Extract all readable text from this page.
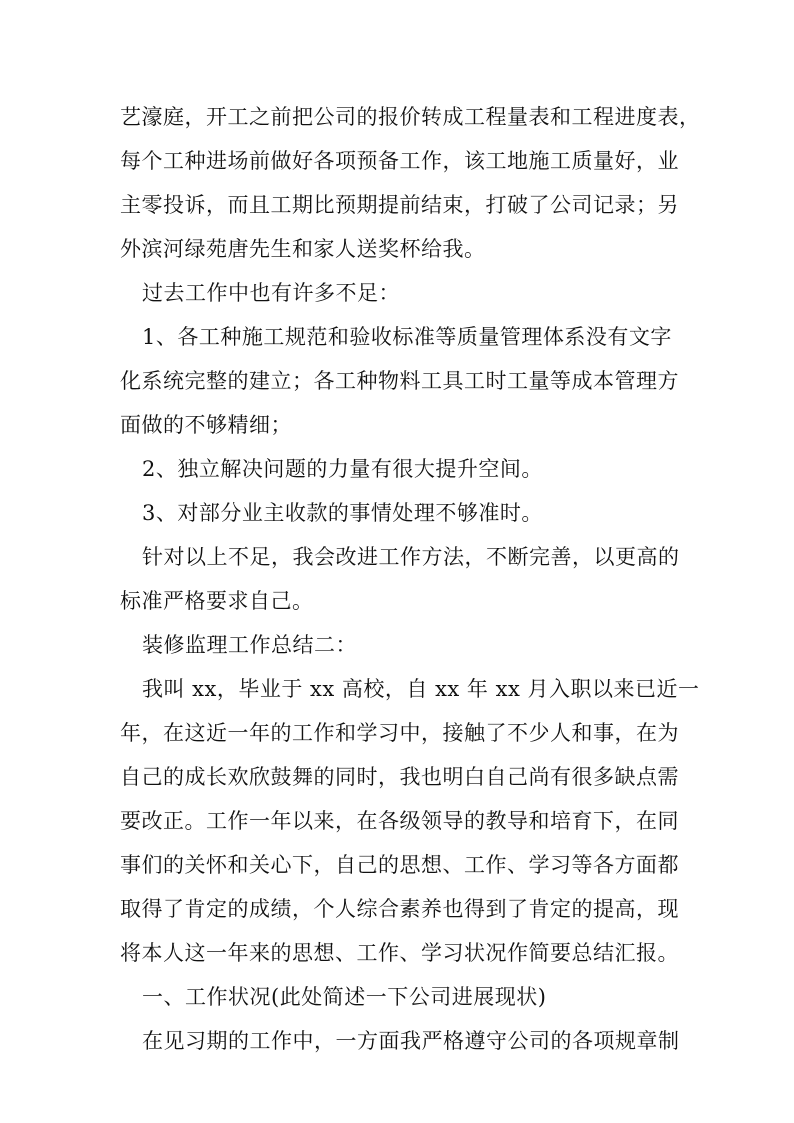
艺濠庭，开工之前把公司的报价转成工程量表和工程进度表，
每个工种进场前做好各项预备工作，该工地施工质量好，业
主零投诉，而且工期比预期提前结束，打破了公司记录；另
外滨河绿苑唐先生和家人送奖杯给我。
过去工作中也有许多不足：
1、各工种施工规范和验收标准等质量管理体系没有文字
化系统完整的建立；各工种物料工具工时工量等成本管理方
面做的不够精细；
2、独立解决问题的力量有很大提升空间。
3、对部分业主收款的事情处理不够准时。
针对以上不足，我会改进工作方法，不断完善，以更高的
标准严格要求自己。
装修监理工作总结二：
我叫 xx，毕业于 xx 高校，自 xx 年 xx 月入职以来已近一
年，在这近一年的工作和学习中，接触了不少人和事，在为
自己的成长欢欣鼓舞的同时，我也明白自己尚有很多缺点需
要改正。工作一年以来，在各级领导的教导和培育下，在同
事们的关怀和关心下，自己的思想、工作、学习等各方面都
取得了肯定的成绩，个人综合素养也得到了肯定的提高，现
将本人这一年来的思想、工作、学习状况作简要总结汇报。
一、工作状况(此处简述一下公司进展现状)
在见习期的工作中，一方面我严格遵守公司的各项规章制
